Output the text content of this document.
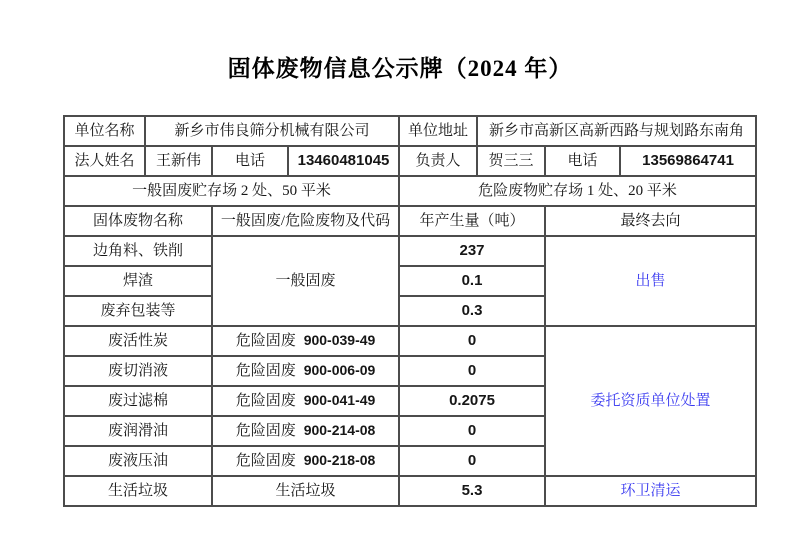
固体废物信息公示牌（2024 年）
单位名称	新乡市伟良筛分机械有限公司			单位地址	新乡市高新区高新西路与规划路东南角		
法人姓名	王新伟	电话	13460481045	负责人	贺三三	电话	13569864741
一般固废贮存场 2 处、50 平米				危险废物贮存场 1 处、20 平米			
固体废物名称		一般固废/危险废物及代码		年产生量（吨）		最终去向	
边角料、铁削		一般固废		237		出售	
焊渣				0.1			
废弃包装等				0.3			
废活性炭		危险固废 900-039-49		0		委托资质单位处置	
废切消液		危险固废 900-006-09		0			
废过滤棉		危险固废 900-041-49		0.2075			
废润滑油		危险固废 900-214-08		0			
废液压油		危险固废 900-218-08		0			
生活垃圾		生活垃圾		5.3		环卫清运	
